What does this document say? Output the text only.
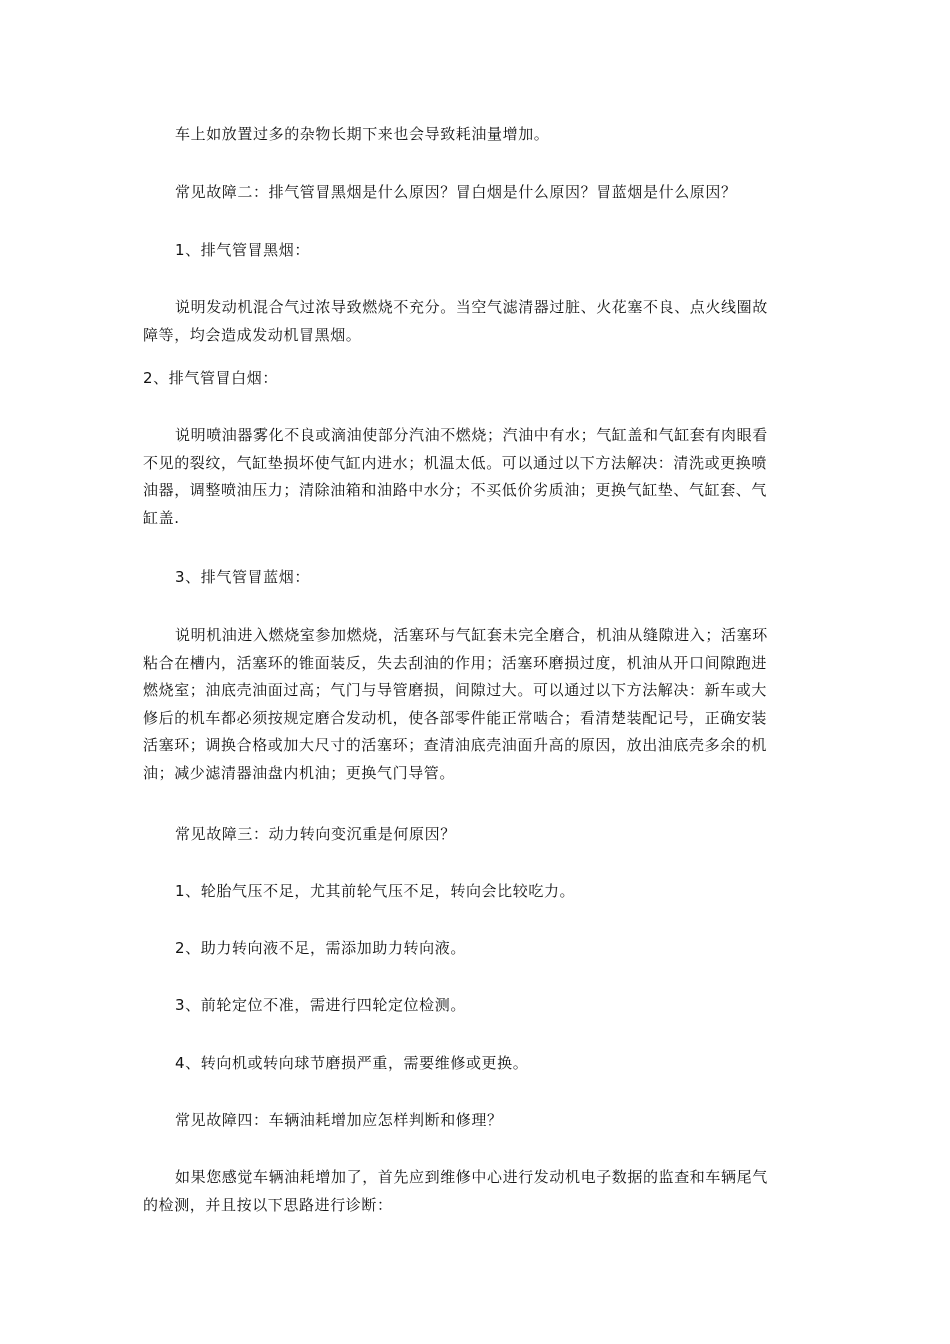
车上如放置过多的杂物长期下来也会导致耗油量增加。
常见故障二：排气管冒黑烟是什么原因？冒白烟是什么原因？冒蓝烟是什么原因？
1、排气管冒黑烟：
说明发动机混合气过浓导致燃烧不充分。当空气滤清器过脏、火花塞不良、点火线圈故
障等，均会造成发动机冒黑烟。
2、排气管冒白烟：
说明喷油器雾化不良或滴油使部分汽油不燃烧；汽油中有水；气缸盖和气缸套有肉眼看
不见的裂纹，气缸垫损坏使气缸内进水；机温太低。可以通过以下方法解决：清洗或更换喷
油器，调整喷油压力；清除油箱和油路中水分；不买低价劣质油；更换气缸垫、气缸套、气
缸盖.
3、排气管冒蓝烟：
说明机油进入燃烧室参加燃烧，活塞环与气缸套未完全磨合，机油从缝隙进入；活塞环
粘合在槽内，活塞环的锥面装反，失去刮油的作用；活塞环磨损过度，机油从开口间隙跑进
燃烧室；油底壳油面过高；气门与导管磨损，间隙过大。可以通过以下方法解决：新车或大
修后的机车都必须按规定磨合发动机，使各部零件能正常啮合；看清楚装配记号，正确安装
活塞环；调换合格或加大尺寸的活塞环；查清油底壳油面升高的原因，放出油底壳多余的机
油；减少滤清器油盘内机油；更换气门导管。
常见故障三：动力转向变沉重是何原因？
1、轮胎气压不足，尤其前轮气压不足，转向会比较吃力。
2、助力转向液不足，需添加助力转向液。
3、前轮定位不准，需进行四轮定位检测。
4、转向机或转向球节磨损严重，需要维修或更换。
常见故障四：车辆油耗增加应怎样判断和修理？
如果您感觉车辆油耗增加了，首先应到维修中心进行发动机电子数据的监查和车辆尾气
的检测，并且按以下思路进行诊断：
